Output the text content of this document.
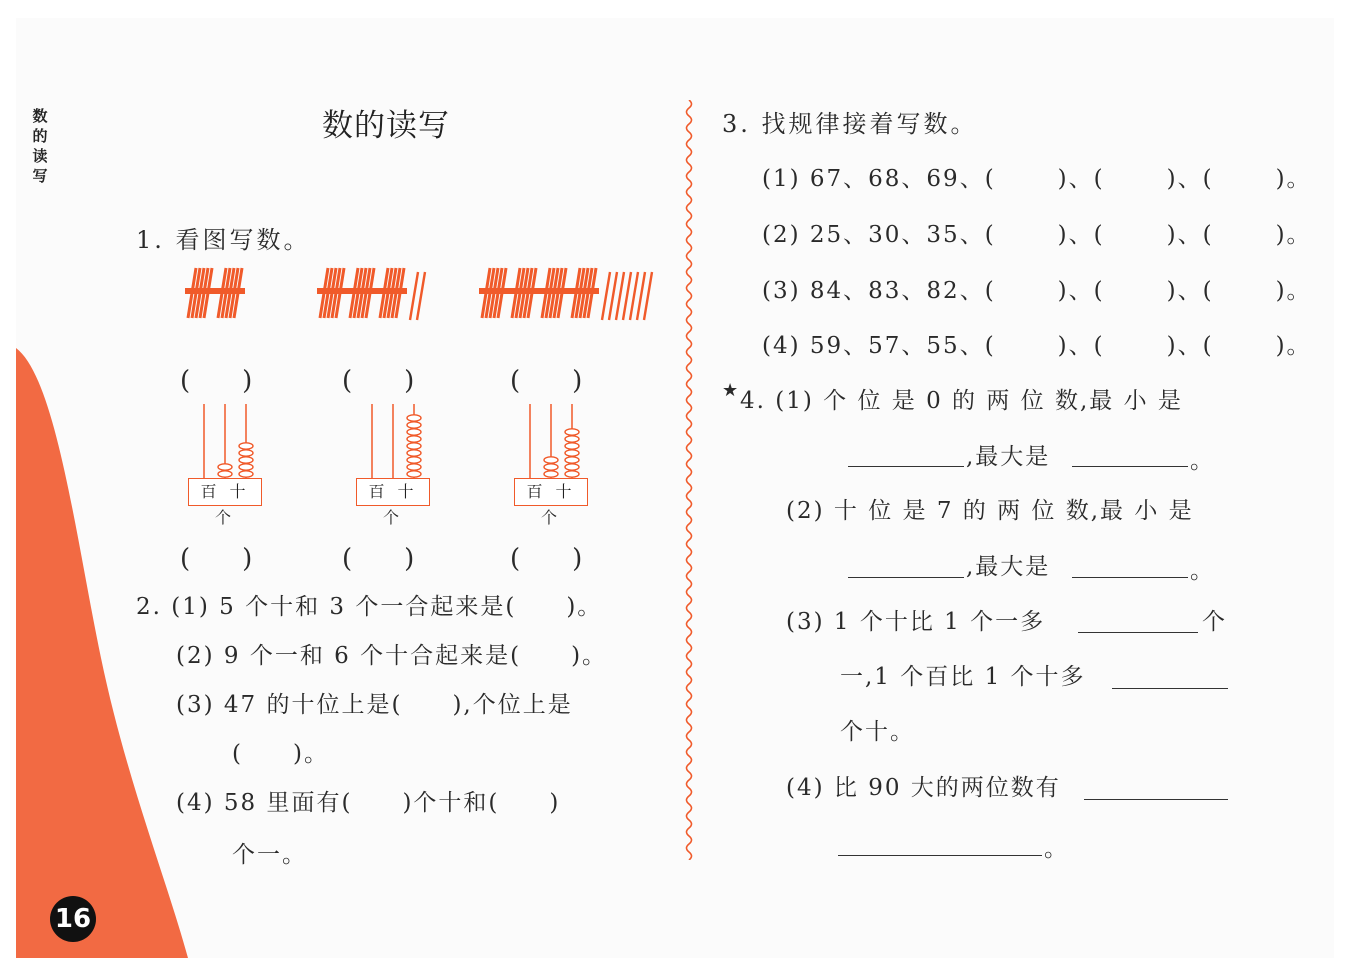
数
的
读
写
16
数的读写
1. 看图写数。
(　　)	(　　)	(　　)
百 十 个
百 十 个
百 十 个
(　　)	(　　)	(　　)
2. (1) 5 个十和 3 个一合起来是(　　)。
(2) 9 个一和 6 个十合起来是(　　)。
(3) 47 的十位上是(　　),个位上是
(　　)。
(4) 58 里面有(　　)个十和(　　)
个一。
3. 找规律接着写数。
(1) 67、68、69、(	)、(	)、(	)。
(2) 25、30、35、(	)、(	)、(	)。
(3) 84、83、82、(	)、(	)、(	)。
(4) 59、57、55、(	)、(	)、(	)。
★ 4. (1) 个 位 是 0 的 两 位 数,最 小 是
,最大是	。
(2) 十 位 是 7 的 两 位 数,最 小 是
,最大是	。
(3) 1 个十比 1 个一多	个
一,1 个百比 1 个十多
个十。
(4) 比 90 大的两位数有
。
